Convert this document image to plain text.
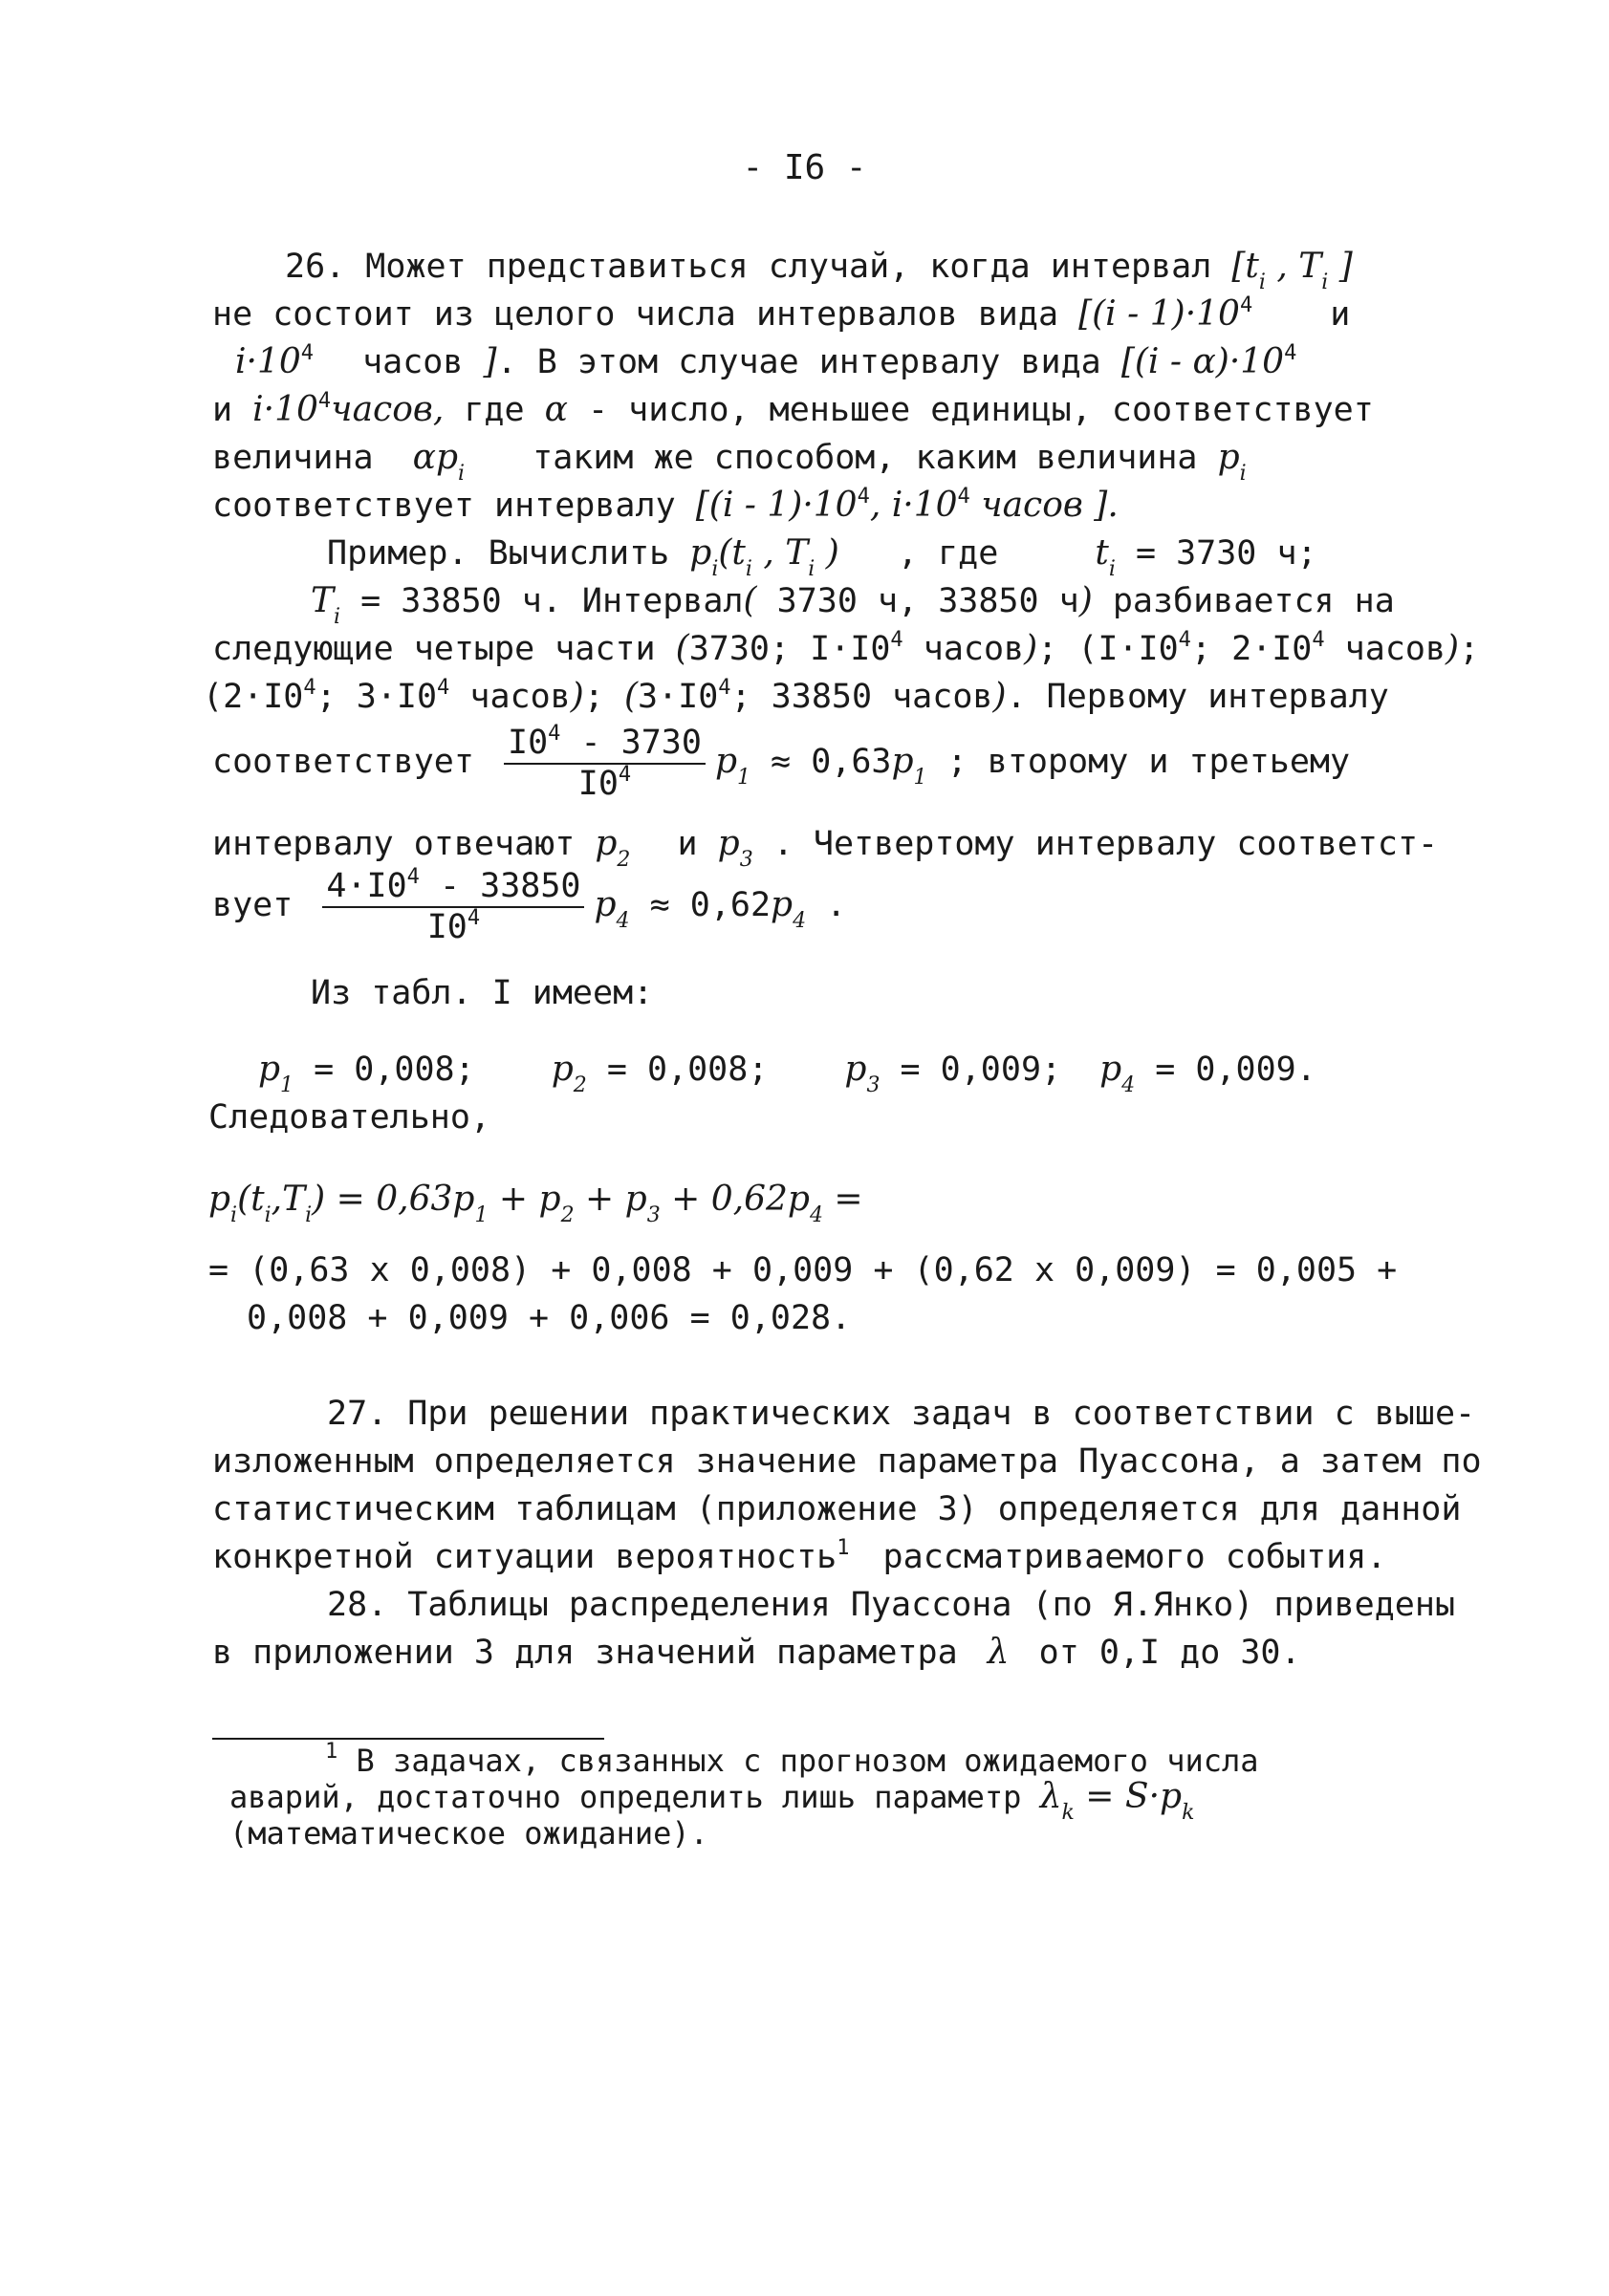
- I6 -
26. Может представиться случай, когда интервал [$t_i$ , $T_i$ ]
не состоит из целого числа интервалов вида [$(i - 1)\cdot 10^4$ и
$i\cdot 10^4$ часов ]. В этом случае интервалу вида [$(i - \alpha)\cdot 10^4$
и $i\cdot 10^4часов$, где α - число, меньшее единицы, соответствует
величина $\alpha p_i$ таким же способом, каким величина $p_i$
соответствует интервалу [$(i - 1)\cdot 10^4$, $i\cdot 10^4$ часов ].
Пример. Вычислить $p_i(t_i$ , $T_i$ ) , где $t_i = 3730$ ч;
$T_i = 33850$ ч. Интервал( 3730 ч, 33850 ч) разбивается на
следующие четыре части (3730; $I\cdot I0^4$ часов); ($I\cdot I0^4$; $2\cdot I0^4$ часов);
($2\cdot I0^4$; $3\cdot I0^4$ часов); ($3\cdot I0^4$; 33850 часов). Первому интервалу
соответствует $\frac{I0^4 - 3730}{I0^4} p_1 \approx 0,63p_1$ ; второму и третьему
интервалу отвечают $p_2$ и $p_3$ . Четвертому интервалу соответст-
вует $\frac{4\cdot I0^4 - 33850}{I0^4} p_4 \approx 0,62p_4$ .
Из табл. I имеем:
$p_1 = 0,008$; $p_2 = 0,008$; $p_3 = 0,009$; $p_4 = 0,009$.
Следовательно,
$p_i(t_i,T_i) = 0,63p_1 + p_2 + p_3 + 0,62p_4$ =
= (0,63 x 0,008) + 0,008 + 0,009 + (0,62 x 0,009) = 0,005 +
0,008 + 0,009 + 0,006 = 0,028.
27. При решении практических задач в соответствии с выше-
изложенным определяется значение параметра Пуассона, а затем по
статистическим таблицам (приложение 3) определяется для данной
конкретной ситуации вероятность$^1$ рассматриваемого события.
28. Таблицы распределения Пуассона (по Я.Янко) приведены
в приложении 3 для значений параметра λ от 0,I до 30.
$^1$ В задачах, связанных с прогнозом ожидаемого числа
аварий, достаточно определить лишь параметр $\lambda_k = S\cdot p_k$
(математическое ожидание).
